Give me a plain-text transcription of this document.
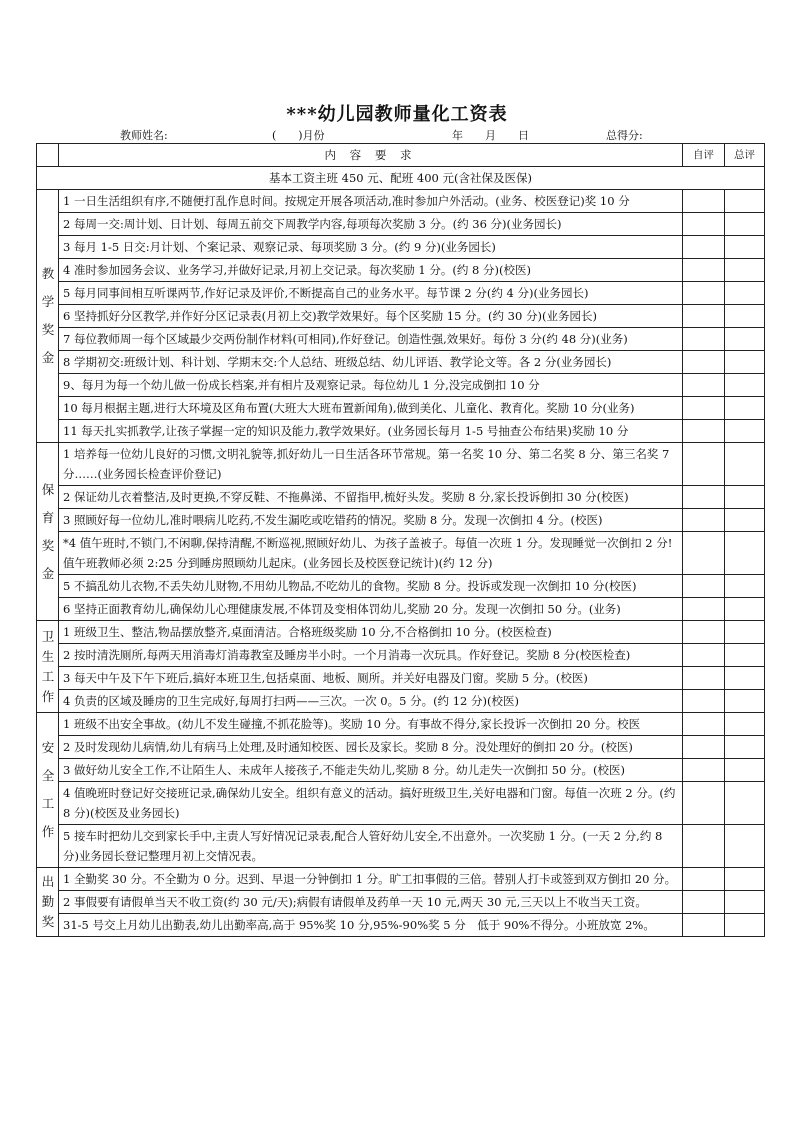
***幼儿园教师量化工资表
教师姓名:	(　　)月份	年　　月　　日	总得分:
	内 容 要 求	自评	总评
基本工资主班 450 元、配班 400 元(含社保及医保)			
教学奖金	1 一日生活组织有序,不随便打乱作息时间。按规定开展各项活动,准时参加户外活动。(业务、校医登记)奖 10 分		
	2 每周一交:周计划、日计划、每周五前交下周教学内容,每项每次奖励 3 分。(约 36 分)(业务园长)		
	3 每月 1-5 日交:月计划、个案记录、观察记录、每项奖励 3 分。(约 9 分)(业务园长)		
	4 准时参加园务会议、业务学习,并做好记录,月初上交记录。每次奖励 1 分。(约 8 分)(校医)		
	5 每月同事间相互听课两节,作好记录及评价,不断提高自己的业务水平。每节课 2 分(约 4 分)(业务园长)		
	6 坚持抓好分区教学,并作好分区记录表(月初上交)教学效果好。每个区奖励 15 分。(约 30 分)(业务园长)		
	7 每位教师周一每个区域最少交两份制作材料(可相同),作好登记。创造性强,效果好。每份 3 分(约 48 分)(业务)		
	8 学期初交:班级计划、科计划、学期末交:个人总结、班级总结、幼儿评语、教学论文等。各 2 分(业务园长)		
	9、每月为每一个幼儿做一份成长档案,并有相片及观察记录。每位幼儿 1 分,没完成倒扣 10 分		
	10 每月根据主题,进行大环境及区角布置(大班大大班布置新闻角),做到美化、儿童化、教育化。奖励 10 分(业务)		
	11 每天扎实抓教学,让孩子掌握一定的知识及能力,教学效果好。(业务园长每月 1-5 号抽查公布结果)奖励 10 分		
保育奖金	1 培养每一位幼儿良好的习惯,文明礼貌等,抓好幼儿一日生活各环节常规。第一名奖 10 分、第二名奖 8 分、第三名奖 7 分……(业务园长检查评价登记)		
	2 保证幼儿衣着整洁,及时更换,不穿反鞋、不拖鼻涕、不留指甲,梳好头发。奖励 8 分,家长投诉倒扣 30 分(校医)		
	3 照顾好每一位幼儿,准时喂病儿吃药,不发生漏吃或吃错药的情况。奖励 8 分。发现一次倒扣 4 分。(校医)		
	*4 值午班时,不锁门,不闲聊,保持清醒,不断巡视,照顾好幼儿、为孩子盖被子。每值一次班 1 分。发现睡觉一次倒扣 2 分!值午班教师必须 2:25 分到睡房照顾幼儿起床。(业务园长及校医登记统计)(约 12 分)		
	5 不搞乱幼儿衣物,不丢失幼儿财物,不用幼儿物品,不吃幼儿的食物。奖励 8 分。投诉或发现一次倒扣 10 分(校医)		
	6 坚持正面教育幼儿,确保幼儿心理健康发展,不体罚及变相体罚幼儿,奖励 20 分。发现一次倒扣 50 分。(业务)		
卫生工作	1 班级卫生、整洁,物品摆放整齐,桌面清洁。合格班级奖励 10 分,不合格倒扣 10 分。(校医检查)		
	2 按时清洗厕所,每两天用消毒灯消毒教室及睡房半小时。一个月消毒一次玩具。作好登记。奖励 8 分(校医检查)		
	3 每天中午及下午下班后,搞好本班卫生,包括桌面、地板、厕所。并关好电器及门窗。奖励 5 分。(校医)		
	4 负责的区域及睡房的卫生完成好,每周打扫两——三次。一次 0。5 分。(约 12 分)(校医)		
安全工作	1 班级不出安全事故。(幼儿不发生碰撞,不抓花脸等)。奖励 10 分。有事故不得分,家长投诉一次倒扣 20 分。校医		
	2 及时发现幼儿病情,幼儿有病马上处理,及时通知校医、园长及家长。奖励 8 分。没处理好的倒扣 20 分。(校医)		
	3 做好幼儿安全工作,不让陌生人、未成年人接孩子,不能走失幼儿,奖励 8 分。幼儿走失一次倒扣 50 分。(校医)		
	4 值晚班时登记好交接班记录,确保幼儿安全。组织有意义的活动。搞好班级卫生,关好电器和门窗。每值一次班 2 分。(约 8 分)(校医及业务园长)		
	5 接车时把幼儿交到家长手中,主责人写好情况记录表,配合人管好幼儿安全,不出意外。一次奖励 1 分。(一天 2 分,约 8 分)业务园长登记整理月初上交情况表。		
出勤奖	1 全勤奖 30 分。不全勤为 0 分。迟到、早退一分钟倒扣 1 分。旷工扣事假的三倍。替别人打卡或签到双方倒扣 20 分。		
	2 事假要有请假单当天不收工资(约 30 元/天);病假有请假单及药单一天 10 元,两天 30 元,三天以上不收当天工资。		
	31-5 号交上月幼儿出勤表,幼儿出勤率高,高于 95%奖 10 分,95%-90%奖 5 分　低于 90%不得分。小班放宽 2%。		
